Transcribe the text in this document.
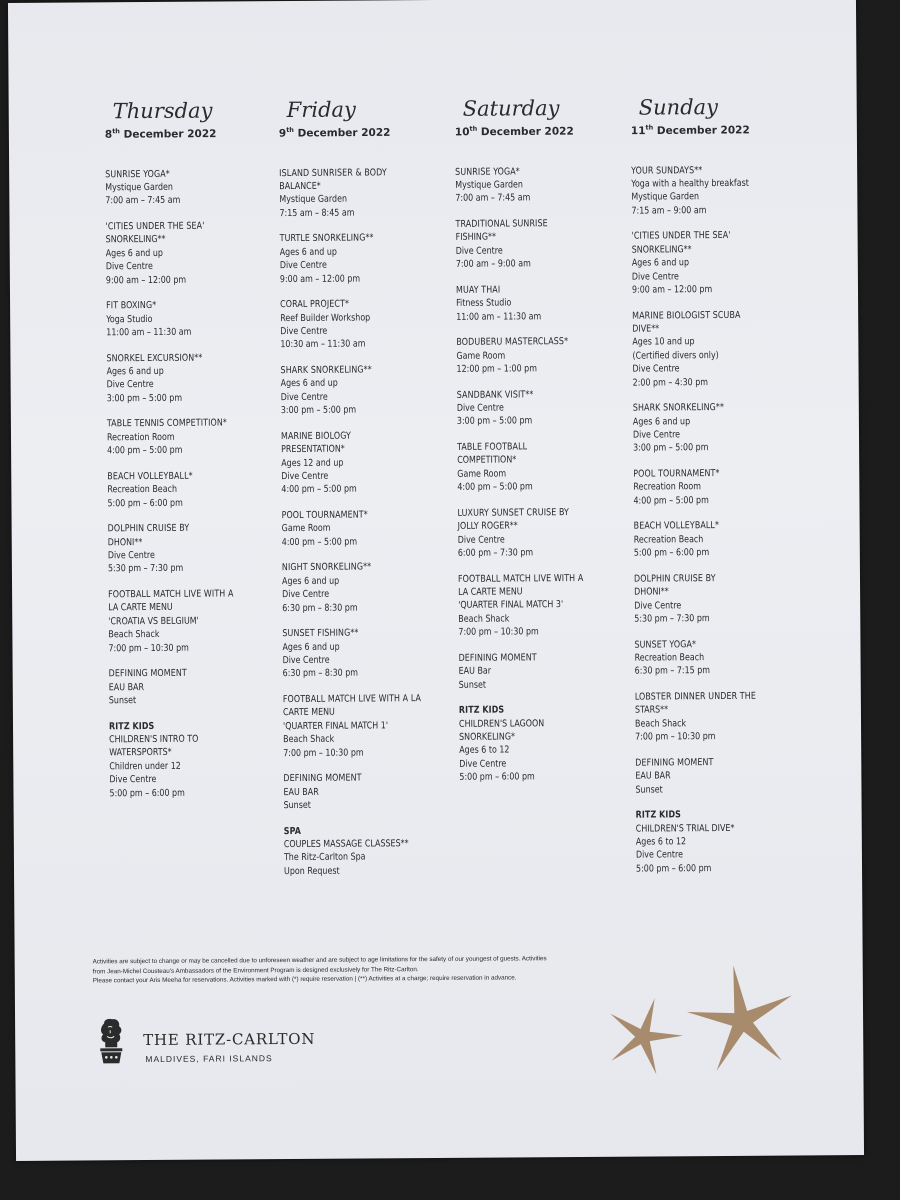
Thursday
8th December 2022
SUNRISE YOGA*
Mystique Garden
7:00 am – 7:45 am
'CITIES UNDER THE SEA'
SNORKELING**
Ages 6 and up
Dive Centre
9:00 am – 12:00 pm
FIT BOXING*
Yoga Studio
11:00 am – 11:30 am
SNORKEL EXCURSION**
Ages 6 and up
Dive Centre
3:00 pm – 5:00 pm
TABLE TENNIS COMPETITION*
Recreation Room
4:00 pm – 5:00 pm
BEACH VOLLEYBALL*
Recreation Beach
5:00 pm – 6:00 pm
DOLPHIN CRUISE BY
DHONI**
Dive Centre
5:30 pm – 7:30 pm
FOOTBALL MATCH LIVE WITH A
LA CARTE MENU
'CROATIA VS BELGIUM'
Beach Shack
7:00 pm – 10:30 pm
DEFINING MOMENT
EAU BAR
Sunset
RITZ KIDS
CHILDREN'S INTRO TO
WATERSPORTS*
Children under 12
Dive Centre
5:00 pm – 6:00 pm
Friday
9th December 2022
ISLAND SUNRISER & BODY
BALANCE*
Mystique Garden
7:15 am – 8:45 am
TURTLE SNORKELING**
Ages 6 and up
Dive Centre
9:00 am – 12:00 pm
CORAL PROJECT*
Reef Builder Workshop
Dive Centre
10:30 am – 11:30 am
SHARK SNORKELING**
Ages 6 and up
Dive Centre
3:00 pm – 5:00 pm
MARINE BIOLOGY
PRESENTATION*
Ages 12 and up
Dive Centre
4:00 pm – 5:00 pm
POOL TOURNAMENT*
Game Room
4:00 pm – 5:00 pm
NIGHT SNORKELING**
Ages 6 and up
Dive Centre
6:30 pm – 8:30 pm
SUNSET FISHING**
Ages 6 and up
Dive Centre
6:30 pm – 8:30 pm
FOOTBALL MATCH LIVE WITH A LA
CARTE MENU
'QUARTER FINAL MATCH 1'
Beach Shack
7:00 pm – 10:30 pm
DEFINING MOMENT
EAU BAR
Sunset
SPA
COUPLES MASSAGE CLASSES**
The Ritz-Carlton Spa
Upon Request
Saturday
10th December 2022
SUNRISE YOGA*
Mystique Garden
7:00 am – 7:45 am
TRADITIONAL SUNRISE
FISHING**
Dive Centre
7:00 am – 9:00 am
MUAY THAI
Fitness Studio
11:00 am – 11:30 am
BODUBERU MASTERCLASS*
Game Room
12:00 pm – 1:00 pm
SANDBANK VISIT**
Dive Centre
3:00 pm – 5:00 pm
TABLE FOOTBALL
COMPETITION*
Game Room
4:00 pm – 5:00 pm
LUXURY SUNSET CRUISE BY
JOLLY ROGER**
Dive Centre
6:00 pm – 7:30 pm
FOOTBALL MATCH LIVE WITH A
LA CARTE MENU
'QUARTER FINAL MATCH 3'
Beach Shack
7:00 pm – 10:30 pm
DEFINING MOMENT
EAU Bar
Sunset
RITZ KIDS
CHILDREN'S LAGOON
SNORKELING*
Ages 6 to 12
Dive Centre
5:00 pm – 6:00 pm
Sunday
11th December 2022
YOUR SUNDAYS**
Yoga with a healthy breakfast
Mystique Garden
7:15 am – 9:00 am
'CITIES UNDER THE SEA'
SNORKELING**
Ages 6 and up
Dive Centre
9:00 am – 12:00 pm
MARINE BIOLOGIST SCUBA
DIVE**
Ages 10 and up
(Certified divers only)
Dive Centre
2:00 pm – 4:30 pm
SHARK SNORKELING**
Ages 6 and up
Dive Centre
3:00 pm – 5:00 pm
POOL TOURNAMENT*
Recreation Room
4:00 pm – 5:00 pm
BEACH VOLLEYBALL*
Recreation Beach
5:00 pm – 6:00 pm
DOLPHIN CRUISE BY
DHONI**
Dive Centre
5:30 pm – 7:30 pm
SUNSET YOGA*
Recreation Beach
6:30 pm – 7:15 pm
LOBSTER DINNER UNDER THE
STARS**
Beach Shack
7:00 pm – 10:30 pm
DEFINING MOMENT
EAU BAR
Sunset
RITZ KIDS
CHILDREN'S TRIAL DIVE*
Ages 6 to 12
Dive Centre
5:00 pm – 6:00 pm
Activities are subject to change or may be cancelled due to unforeseen weather and are subject to age limitations for the safety of our youngest of guests. Activities
from Jean-Michel Cousteau's Ambassadors of the Environment Program is designed exclusively for The Ritz-Carlton.
Please contact your Aris Meeha for reservations. Activities marked with (*) require reservation | (**) Activities at a charge; require reservation in advance.
THE RITZ-CARLTON
MALDIVES, FARI ISLANDS
